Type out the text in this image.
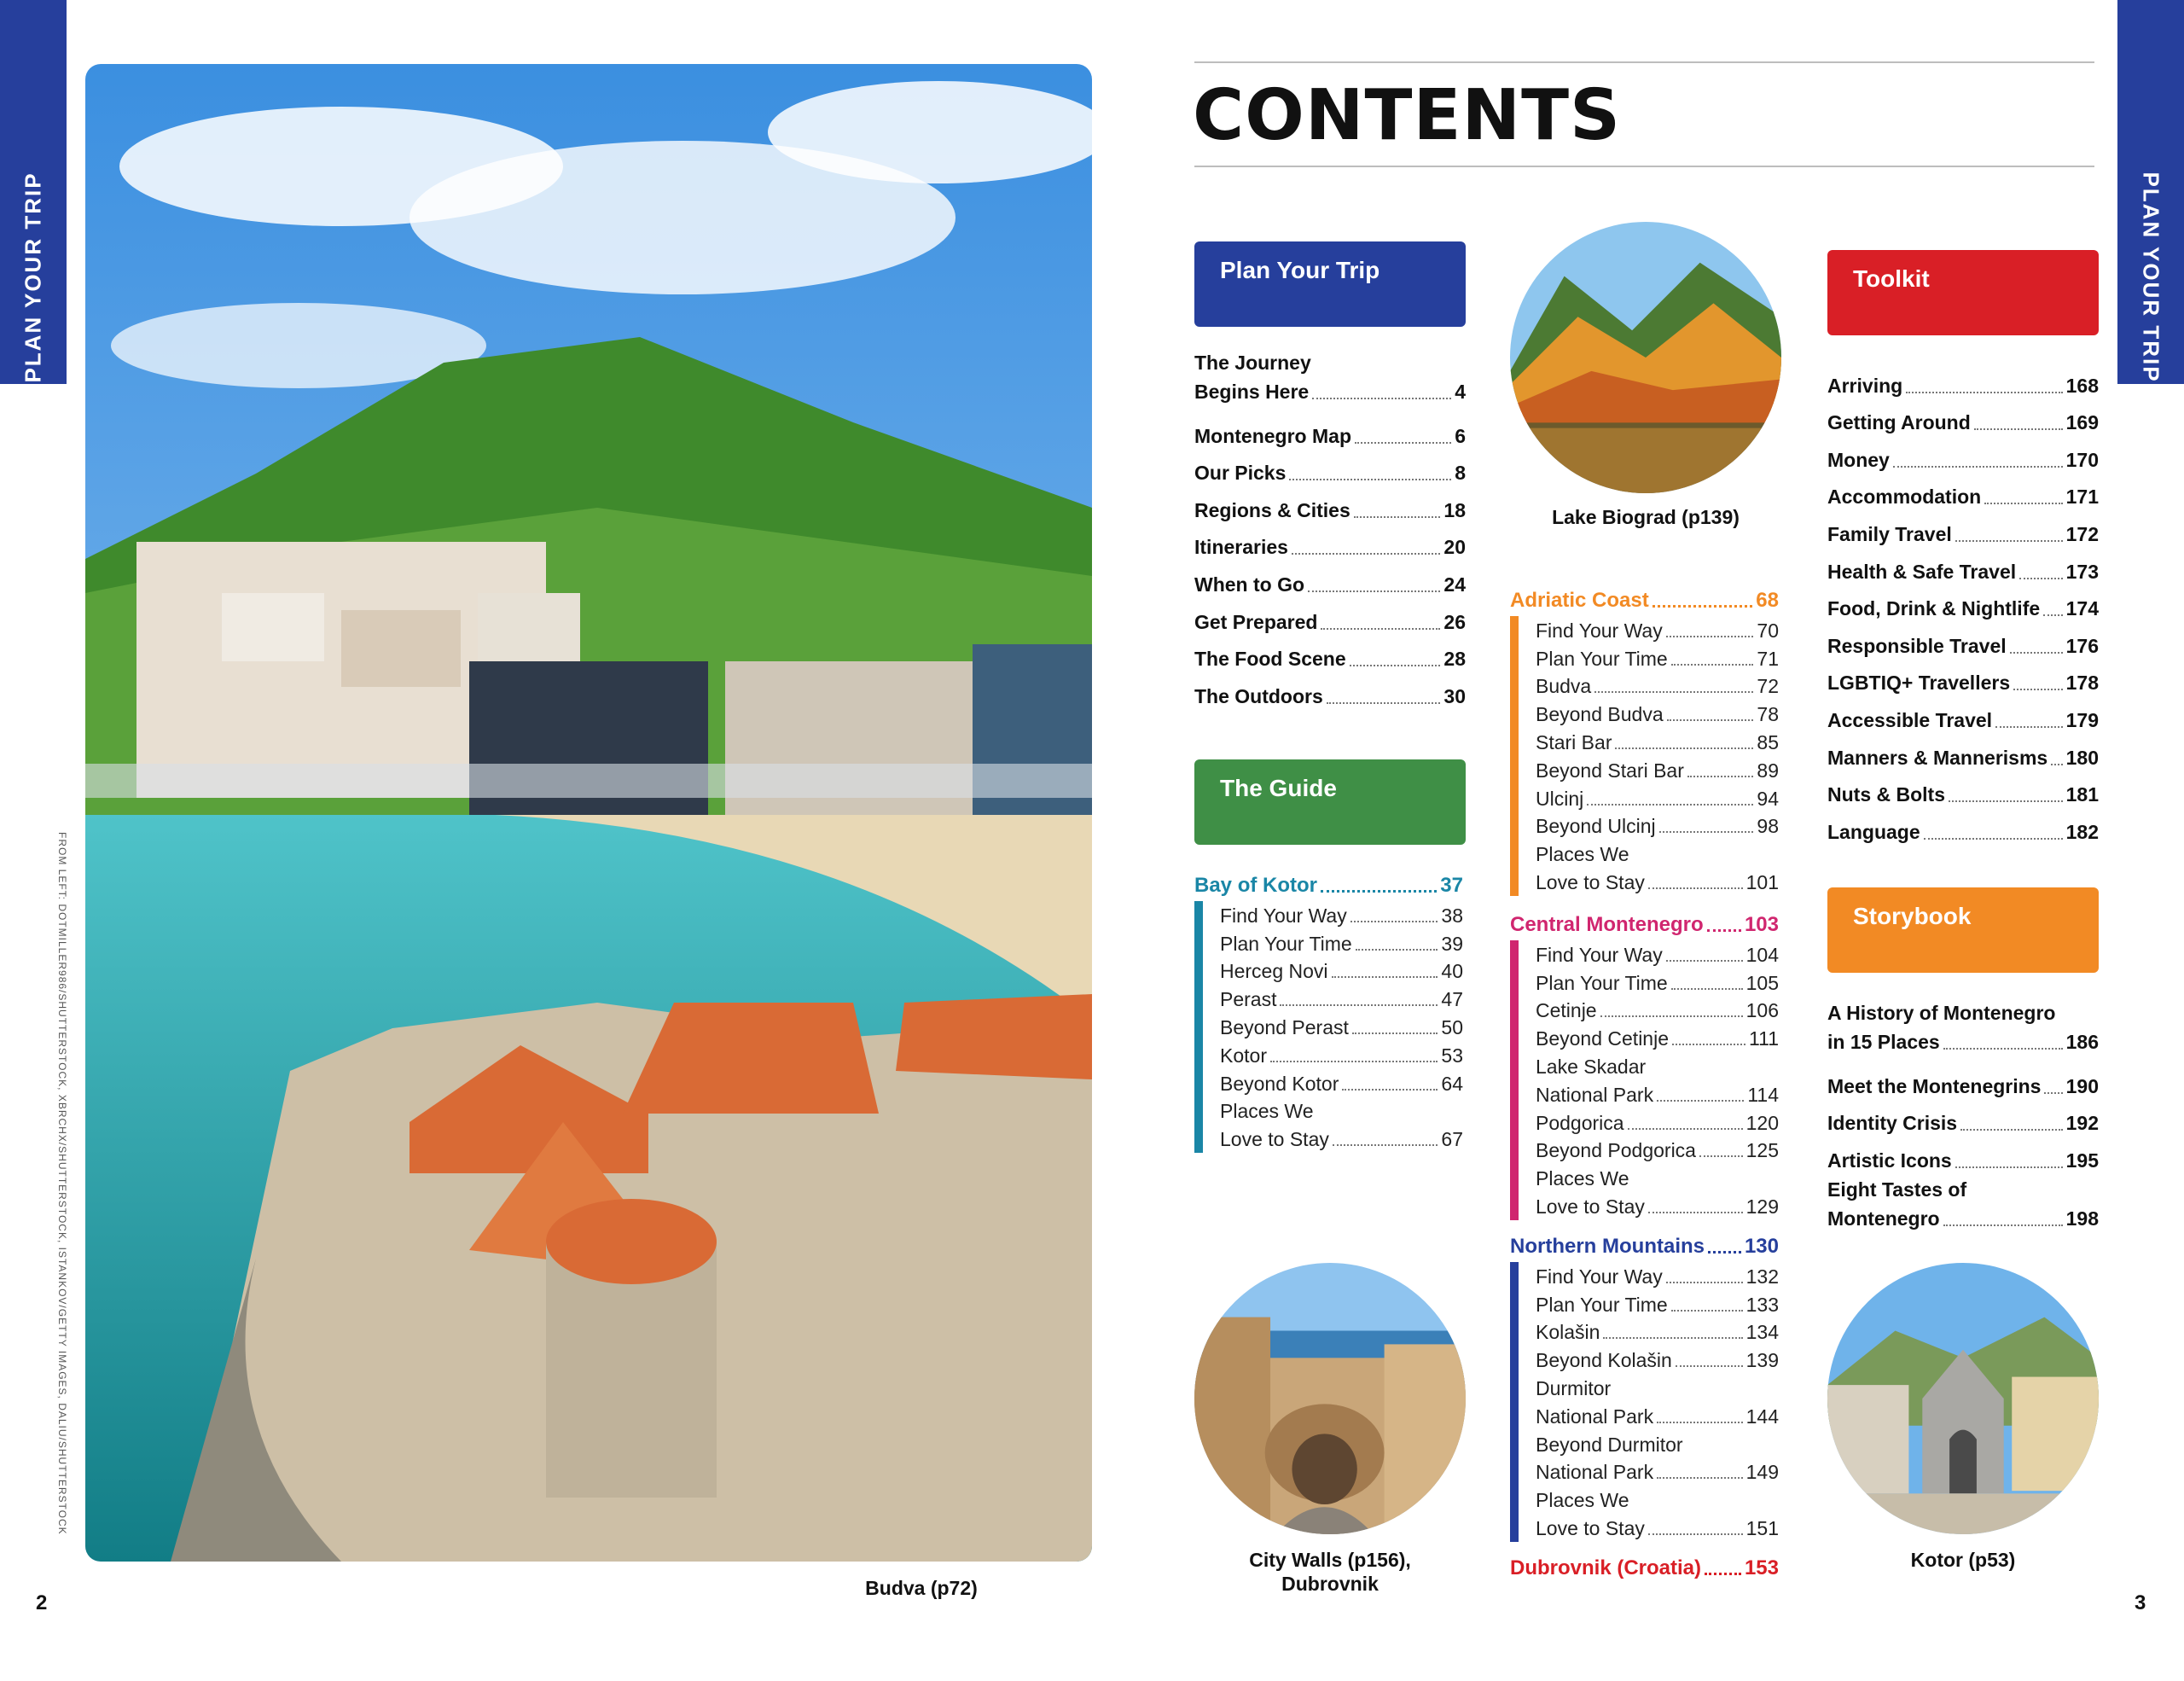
PLAN YOUR TRIP	PLAN YOUR TRIP
2	3
FROM LEFT: DOTMILLER986/SHUTTERSTOCK, XBRCHX/SHUTTERSTOCK, ISTANKOV/GETTY IMAGES, DALIU/SHUTTERSTOCK
Budva (p72)
CONTENTS
Plan Your Trip
The Journey
Begins Here	4
Montenegro Map	6
Our Picks	8
Regions & Cities	18
Itineraries	20
When to Go	24
Get Prepared	26
The Food Scene	28
The Outdoors	30
The Guide
Bay of Kotor	37
Find Your Way	38
Plan Your Time	39
Herceg Novi	40
Perast	47
Beyond Perast	50
Kotor	53
Beyond Kotor	64
Places We
Love to Stay	67
City Walls (p156),
Dubrovnik
Lake Biograd (p139)
Adriatic Coast	68
Find Your Way	70
Plan Your Time	71
Budva	72
Beyond Budva	78
Stari Bar	85
Beyond Stari Bar	89
Ulcinj	94
Beyond Ulcinj	98
Places We
Love to Stay	101
Central Montenegro 103
Find Your Way	104
Plan Your Time	105
Cetinje	106
Beyond Cetinje	111
Lake Skadar
National Park	114
Podgorica	120
Beyond Podgorica	125
Places We
Love to Stay	129
Northern Mountains 130
Find Your Way	132
Plan Your Time	133
Kolašin	134
Beyond Kolašin	139
Durmitor
National Park	144
Beyond Durmitor
National Park	149
Places We
Love to Stay	151
Dubrovnik (Croatia) 153
Toolkit
Arriving	168
Getting Around	169
Money	170
Accommodation	171
Family Travel	172
Health & Safe Travel	173
Food, Drink & Nightlife 174
Responsible Travel	176
LGBTIQ+ Travellers	178
Accessible Travel	179
Manners & Mannerisms 180
Nuts & Bolts	181
Language	182
Storybook
A History of Montenegro
in 15 Places	186
Meet the Montenegrins 190
Identity Crisis	192
Artistic Icons	195
Eight Tastes of
Montenegro	198
Kotor (p53)
